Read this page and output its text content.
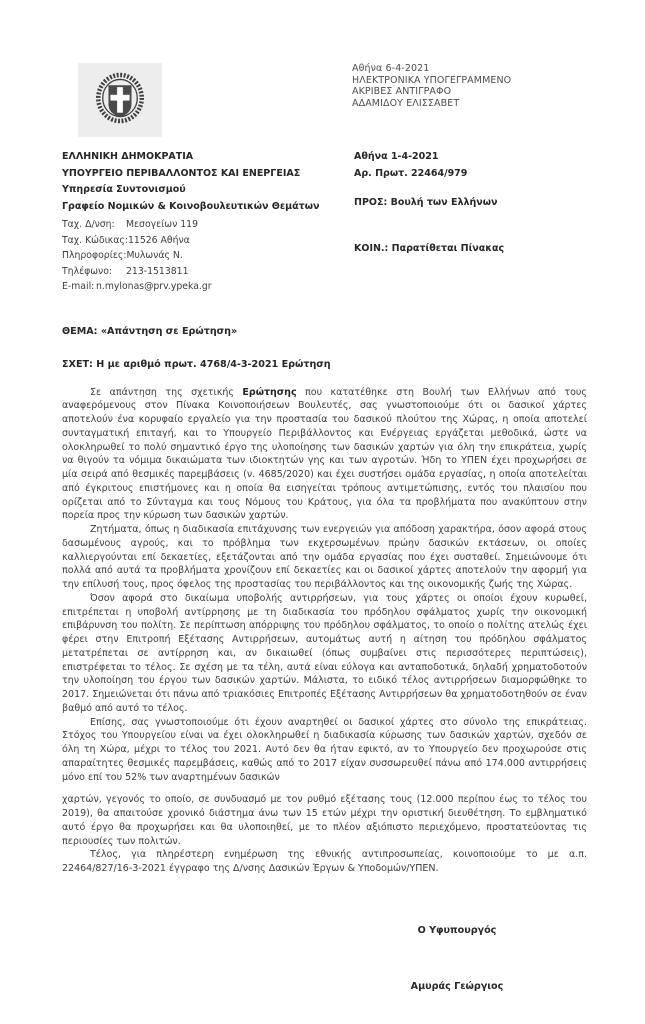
Αθήνα 6-4-2021
ΗΛΕΚΤΡΟΝΙΚΑ ΥΠΟΓΕΓΡΑΜΜΕΝΟ
ΑΚΡΙΒΕΣ ΑΝΤΙΓΡΑΦΟ
ΑΔΑΜΙΔΟΥ ΕΛΙΣΣΑΒΕΤ
ΕΛΛΗΝΙΚΗ ΔΗΜΟΚΡΑΤΙΑ
ΥΠΟΥΡΓΕΙΟ ΠΕΡΙΒΑΛΛΟΝΤΟΣ ΚΑΙ ΕΝΕΡΓΕΙΑΣ
Υπηρεσία Συντονισμού
Γραφείο Νομικών & Κοινοβουλευτικών Θεμάτων
Ταχ. Δ/νση:	Μεσογείων 119
Ταχ. Κώδικας: 11526 Αθήνα
Πληροφορίες: Μυλωνάς Ν.
Τηλέφωνο:	213-1513811
E-mail: n.mylonas@prv.ypeka.gr
Αθήνα 1-4-2021
Αρ. Πρωτ. 22464/979
ΠΡΟΣ: Βουλή των Ελλήνων
ΚΟΙΝ.: Παρατίθεται Πίνακας
ΘΕΜΑ: «Απάντηση σε Ερώτηση»
ΣΧΕΤ: Η με αριθμό πρωτ. 4768/4-3-2021 Ερώτηση

Σε απάντηση της σχετικής Ερώτησης που κατατέθηκε στη Βουλή των Ελλήνων από τους αναφερόμενους στον Πίνακα Κοινοποιήσεων Βουλευτές, σας γνωστοποιούμε ότι οι δασικοί χάρτες αποτελούν ένα κορυφαίο εργαλείο για την προστασία του δασικού πλούτου της Χώρας, η οποία αποτελεί συνταγματική επιταγή, και το Υπουργείο Περιβάλλοντος και Ενέργειας εργάζεται μεθοδικά, ώστε να ολοκληρωθεί το πολύ σημαντικό έργο της υλοποίησης των δασικών χαρτών για όλη την επικράτεια, χωρίς να θιγούν τα νόμιμα δικαιώματα των ιδιοκτητών γης και των αγροτών. Ήδη το ΥΠΕΝ έχει προχωρήσει σε μία σειρά από θεσμικές παρεμβάσεις (ν. 4685/2020) και έχει συστήσει ομάδα εργασίας, η οποία αποτελείται από έγκριτους επιστήμονες και η οποία θα εισηγείται τρόπους αντιμετώπισης, εντός του πλαισίου που ορίζεται από το Σύνταγμα και τους Νόμους του Κράτους, για όλα τα προβλήματα που ανακύπτουν στην πορεία προς την κύρωση των δασικών χαρτών.

Ζητήματα, όπως η διαδικασία επιτάχυνσης των ενεργειών για απόδοση χαρακτήρα, όσον αφορά στους δασωμένους αγρούς, και το πρόβλημα των εκχερσωμένων πρώην δασικών εκτάσεων, οι οποίες καλλιεργούνται επί δεκαετίες, εξετάζονται από την ομάδα εργασίας που έχει συσταθεί. Σημειώνουμε ότι πολλά από αυτά τα προβλήματα χρονίζουν επί δεκαετίες και οι δασικοί χάρτες αποτελούν την αφορμή για την επίλυσή τους, προς όφελος της προστασίας του περιβάλλοντος και της οικονομικής ζωής της Χώρας.

Όσον αφορά στο δικαίωμα υποβολής αντιρρήσεων, για τους χάρτες οι οποίοι έχουν κυρωθεί, επιτρέπεται η υποβολή αντίρρησης με τη διαδικασία του πρόδηλου σφάλματος χωρίς την οικονομική επιβάρυνση του πολίτη. Σε περίπτωση απόρριψης του πρόδηλου σφάλματος, το οποίο ο πολίτης ατελώς έχει φέρει στην Επιτροπή Εξέτασης Αντιρρήσεων, αυτομάτως αυτή η αίτηση του πρόδηλου σφάλματος μετατρέπεται σε αντίρρηση και, αν δικαιωθεί (όπως συμβαίνει στις περισσότερες περιπτώσεις), επιστρέφεται το τέλος. Σε σχέση με τα τέλη, αυτά είναι εύλογα και ανταποδοτικά, δηλαδή χρηματοδοτούν την υλοποίηση του έργου των δασικών χαρτών. Μάλιστα, το ειδικό τέλος αντιρρήσεων διαμορφώθηκε το 2017. Σημειώνεται ότι πάνω από τριακόσιες Επιτροπές Εξέτασης Αντιρρήσεων θα χρηματοδοτηθούν σε έναν βαθμό από αυτό το τέλος.

Επίσης, σας γνωστοποιούμε ότι έχουν αναρτηθεί οι δασικοί χάρτες στο σύνολο της επικράτειας. Στόχος του Υπουργείου είναι να έχει ολοκληρωθεί η διαδικασία κύρωσης των δασικών χαρτών, σχεδόν σε όλη τη Χώρα, μέχρι το τέλος του 2021. Αυτό δεν θα ήταν εφικτό, αν το Υπουργείο δεν προχωρούσε στις απαραίτητες θεσμικές παρεμβάσεις, καθώς από το 2017 είχαν συσσωρευθεί πάνω από 174.000 αντιρρήσεις μόνο επί του 52% των αναρτημένων δασικών

χαρτών, γεγονός το οποίο, σε συνδυασμό με τον ρυθμό εξέτασης τους (12.000 περίπου έως το τέλος του 2019), θα απαιτούσε χρονικό διάστημα άνω των 15 ετών μέχρι την οριστική διευθέτηση. Το εμβληματικό αυτό έργο θα προχωρήσει και θα υλοποιηθεί, με το πλέον αξιόπιστο περιεχόμενο, προστατεύοντας τις περιουσίες των πολιτών.

Τέλος, για πληρέστερη ενημέρωση της εθνικής αντιπροσωπείας, κοινοποιούμε το με α.π. 22464/827/16-3-2021 έγγραφο της Δ/νσης Δασικών Έργων & Υποδομών/ΥΠΕΝ.

Ο Υφυπουργός
Αμυράς Γεώργιος
